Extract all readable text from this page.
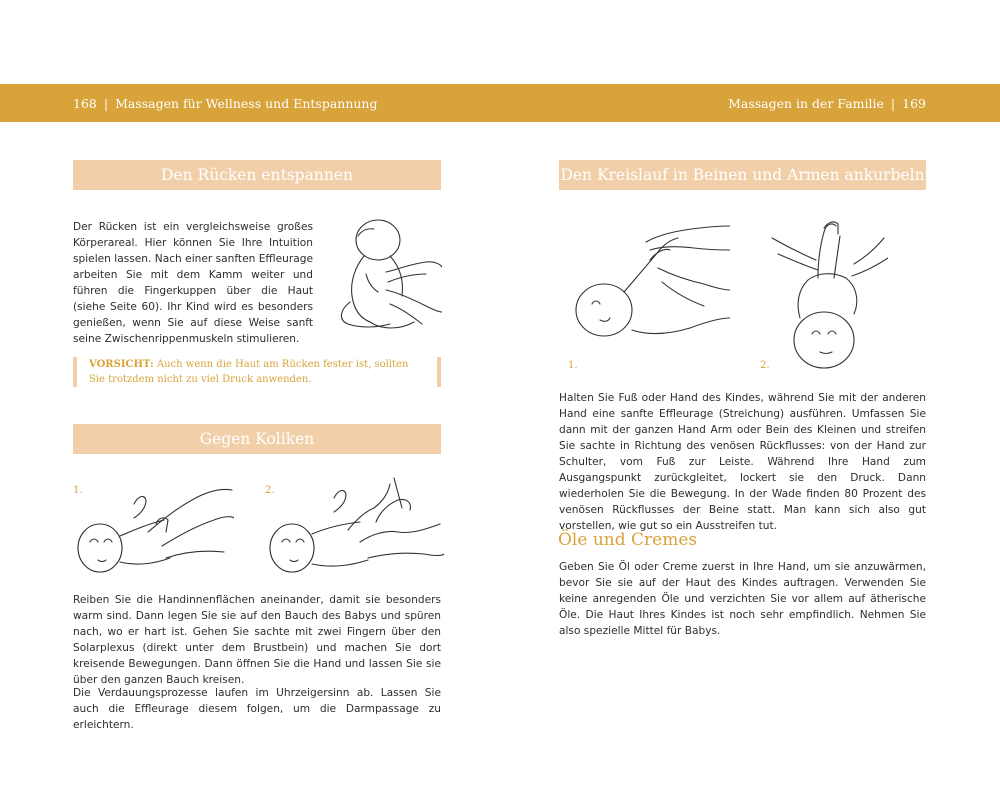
168 | Massagen für Wellness und Entspannung	Massagen in der Familie | 169
Den Rücken entspannen

Der Rücken ist ein vergleichsweise großes Körperareal. Hier können Sie Ihre Intuition spielen lassen. Nach einer sanften Effleurage arbeiten Sie mit dem Kamm weiter und führen die Fingerkuppen über die Haut (siehe Seite 60). Ihr Kind wird es besonders genießen, wenn Sie auf diese Weise sanft seine Zwischenrippenmuskeln stimulieren.

VORSICHT: Auch wenn die Haut am Rücken fester ist, sollten Sie trotzdem nicht zu viel Druck anwenden.
Gegen Koliken
1.	2.

Reiben Sie die Handinnenflächen aneinander, damit sie besonders warm sind. Dann legen Sie sie auf den Bauch des Babys und spüren nach, wo er hart ist. Gehen Sie sachte mit zwei Fingern über den Solarplexus (direkt unter dem Brustbein) und machen Sie dort kreisende Bewegungen. Dann öffnen Sie die Hand und lassen Sie sie über den ganzen Bauch kreisen.

Die Verdauungsprozesse laufen im Uhrzeigersinn ab. Lassen Sie auch die Effleurage diesem folgen, um die Darmpassage zu erleichtern.

Den Kreislauf in Beinen und Armen ankurbeln
1.	2.

Halten Sie Fuß oder Hand des Kindes, während Sie mit der anderen Hand eine sanfte Effleurage (Streichung) ausführen. Umfassen Sie dann mit der ganzen Hand Arm oder Bein des Kleinen und streifen Sie sachte in Richtung des venösen Rückflusses: von der Hand zur Schulter, vom Fuß zur Leiste. Während Ihre Hand zum Ausgangspunkt zurückgleitet, lockert sie den Druck. Dann wiederholen Sie die Bewegung. In der Wade finden 80 Prozent des venösen Rückflusses der Beine statt. Man kann sich also gut vorstellen, wie gut so ein Ausstreifen tut.

Öle und Cremes

Geben Sie Öl oder Creme zuerst in Ihre Hand, um sie anzuwärmen, bevor Sie sie auf der Haut des Kindes auftragen. Verwenden Sie keine anregenden Öle und verzichten Sie vor allem auf ätherische Öle. Die Haut Ihres Kindes ist noch sehr empfindlich. Nehmen Sie also spezielle Mittel für Babys.
